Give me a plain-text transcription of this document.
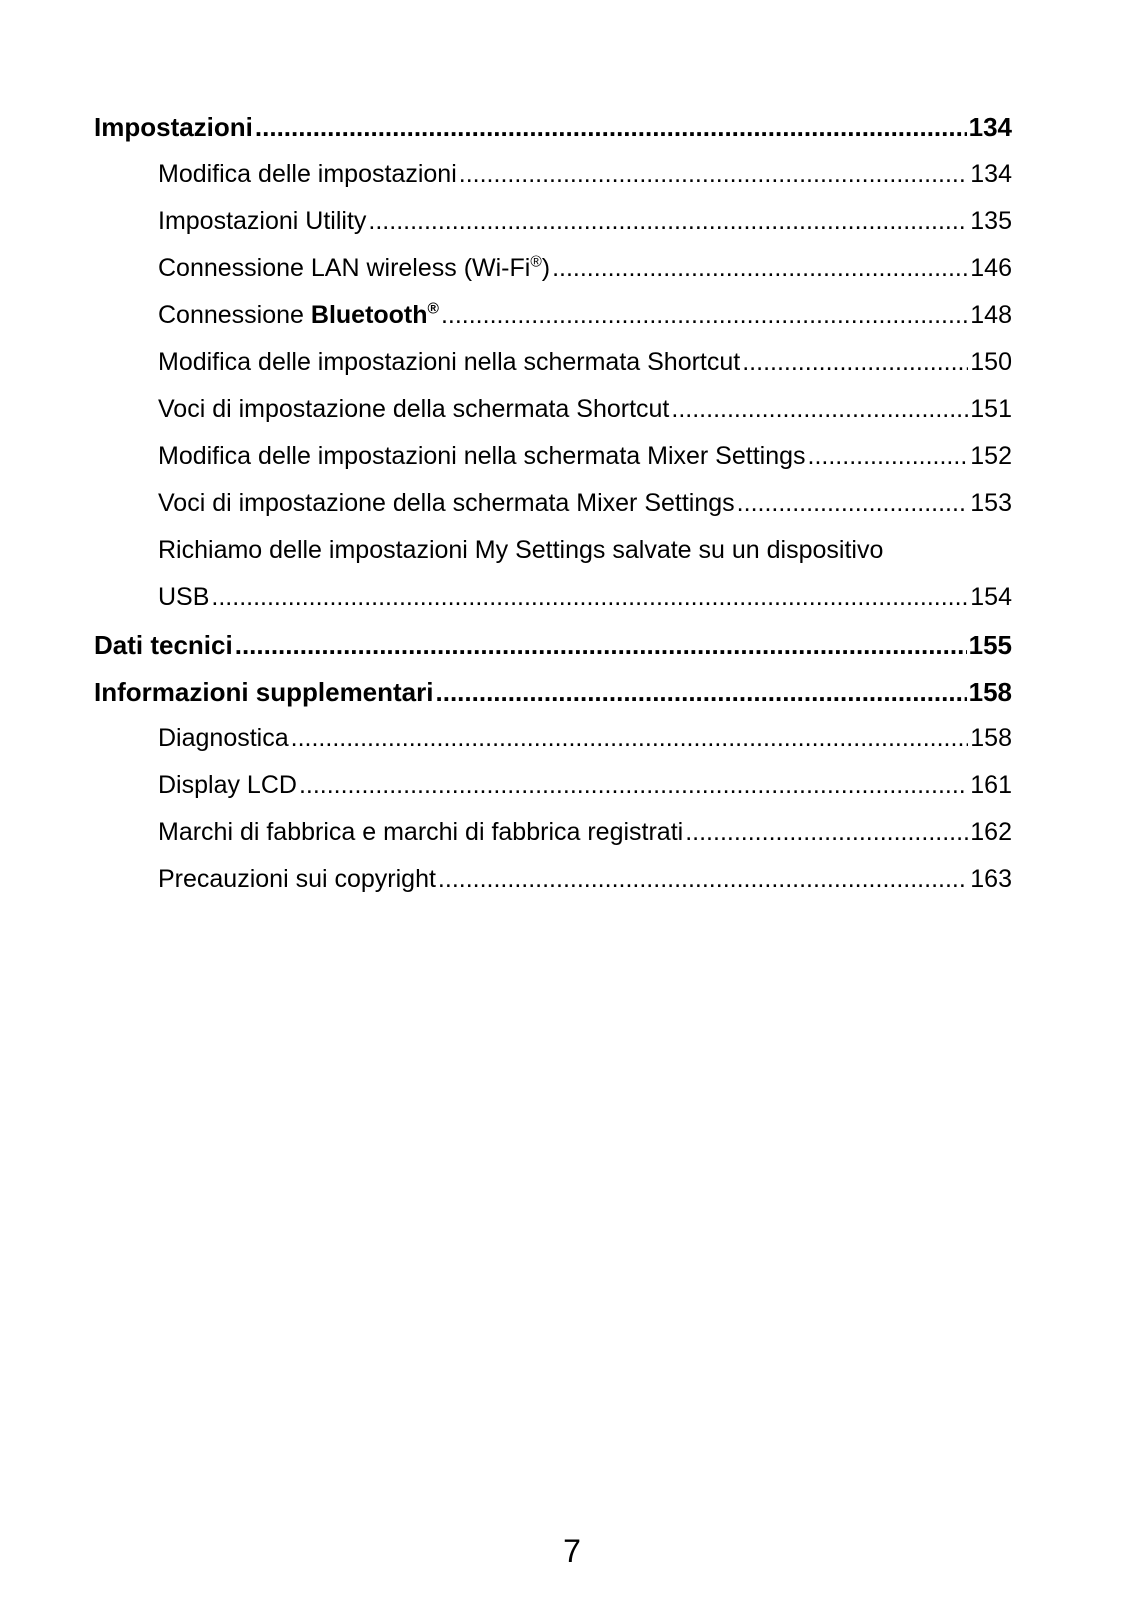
Impostazioni .....	134
Modifica delle impostazioni .....	134
Impostazioni Utility .....	135
Connessione LAN wireless (Wi-Fi®) .....	146
Connessione Bluetooth® .....	148
Modifica delle impostazioni nella schermata Shortcut .....	150
Voci di impostazione della schermata Shortcut .....	151
Modifica delle impostazioni nella schermata Mixer Settings .....	152
Voci di impostazione della schermata Mixer Settings .....	153
Richiamo delle impostazioni My Settings salvate su un dispositivo
USB .....	154
Dati tecnici .....	155
Informazioni supplementari .....	158
Diagnostica .....	158
Display LCD .....	161
Marchi di fabbrica e marchi di fabbrica registrati .....	162
Precauzioni sui copyright .....	163
7
